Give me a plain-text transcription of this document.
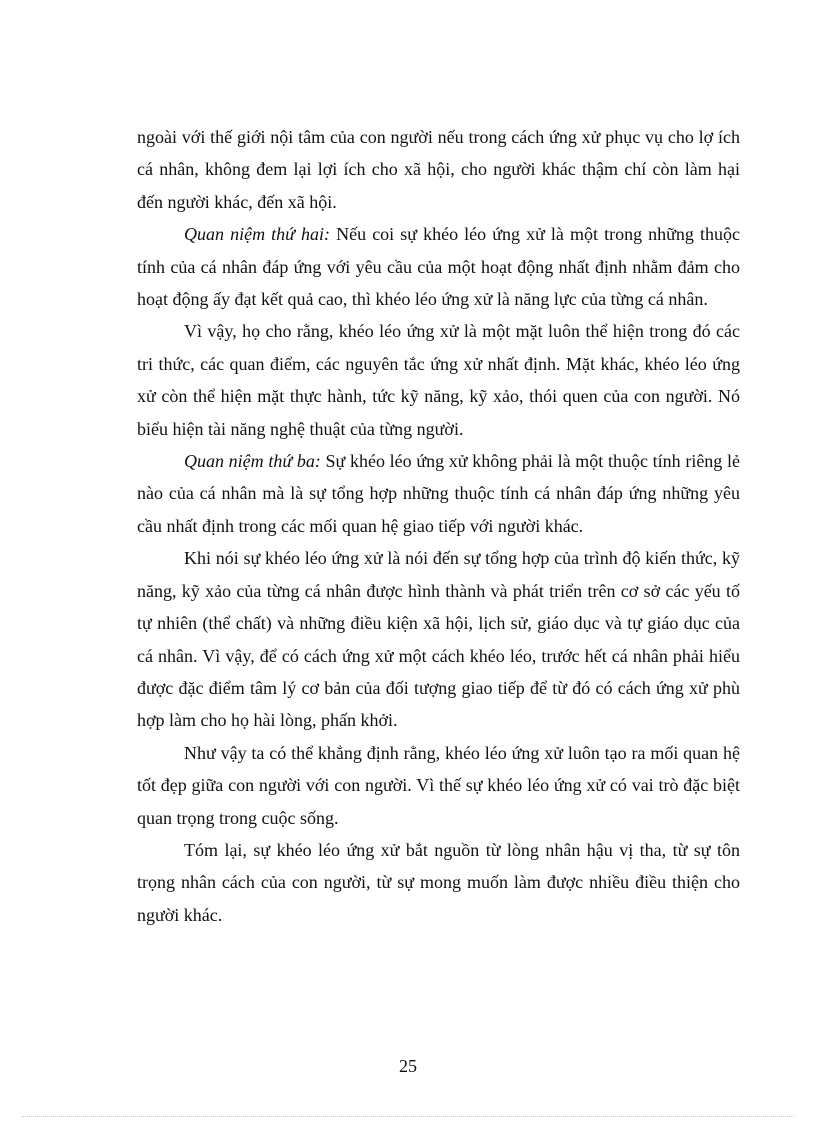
ngoài với thế giới nội tâm của con người nếu trong cách ứng xử phục vụ cho lợ ích cá nhân, không đem lại lợi ích cho xã hội, cho người khác thậm chí còn làm hại đến người khác, đến xã hội.

Quan niệm thứ hai: Nếu coi sự khéo léo ứng xử là một trong những thuộc tính của cá nhân đáp ứng với yêu cầu của một hoạt động nhất định nhằm đảm cho hoạt động ấy đạt kết quả cao, thì khéo léo ứng xử là năng lực của từng cá nhân.

Vì vậy, họ cho rằng, khéo léo ứng xử là một mặt luôn thể hiện trong đó các tri thức, các quan điểm, các nguyên tắc ứng xử nhất định. Mặt khác, khéo léo ứng xử còn thể hiện mặt thực hành, tức kỹ năng, kỹ xảo, thói quen của con người. Nó biểu hiện tài năng nghệ thuật của từng người.

Quan niệm thứ ba: Sự khéo léo ứng xử không phải là một thuộc tính riêng lẻ nào của cá nhân mà là sự tổng hợp những thuộc tính cá nhân đáp ứng những yêu cầu nhất định trong các mối quan hệ giao tiếp với người khác.

Khi nói sự khéo léo ứng xử là nói đến sự tổng hợp của trình độ kiến thức, kỹ năng, kỹ xảo của từng cá nhân được hình thành và phát triển trên cơ sở các yếu tố tự nhiên (thể chất) và những điều kiện xã hội, lịch sử, giáo dục và tự giáo dục của cá nhân. Vì vậy, để có cách ứng xử một cách khéo léo, trước hết cá nhân phải hiểu được đặc điểm tâm lý cơ bản của đối tượng giao tiếp để từ đó có cách ứng xử phù hợp làm cho họ hài lòng, phấn khởi.

Như vậy ta có thể khẳng định rằng, khéo léo ứng xử luôn tạo ra mối quan hệ tốt đẹp giữa con người với con người. Vì thế sự khéo léo ứng xử có vai trò đặc biệt quan trọng trong cuộc sống.

Tóm lại, sự khéo léo ứng xử bắt nguồn từ lòng nhân hậu vị tha, từ sự tôn trọng nhân cách của con người, từ sự mong muốn làm được nhiều điều thiện cho người khác.

25
